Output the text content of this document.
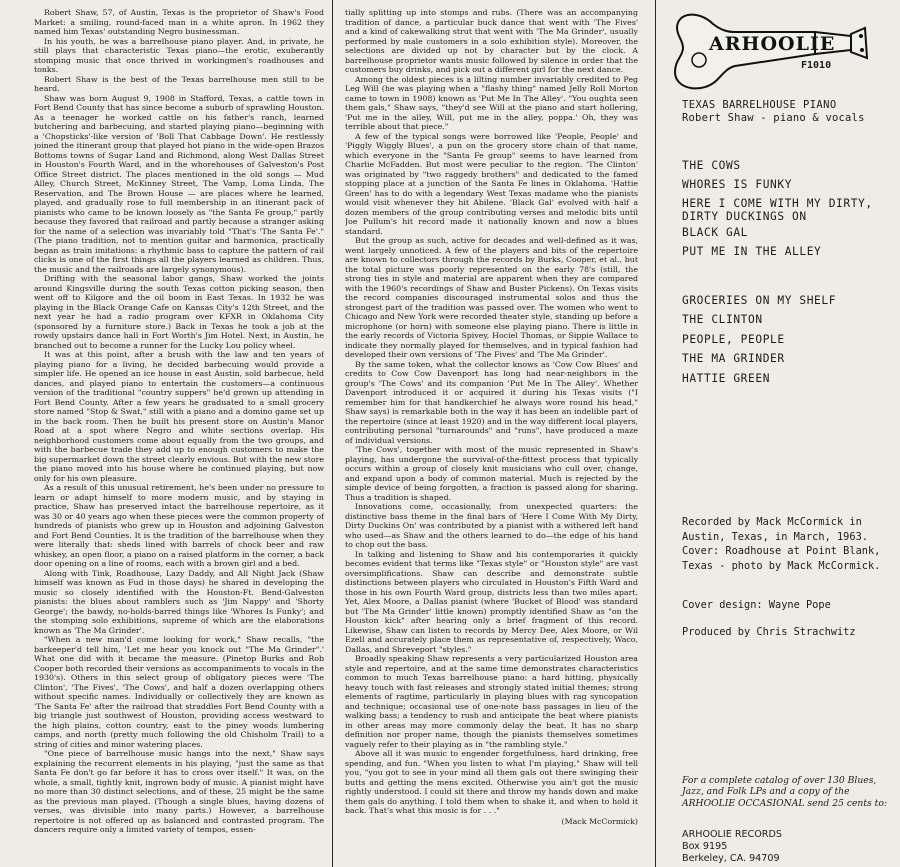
Robert Shaw, 57, of Austin, Texas is the proprietor of Shaw's Food Market: a smiling, round-faced man in a white apron. In 1962 they named him Texas' outstanding Negro businessman.

In his youth, he was a barrelhouse piano player. And, in private, he still plays that characteristic Texas piano—the erotic, exuberantly stomping music that once thrived in workingmen's roadhouses and tonks.

Robert Shaw is the best of the Texas barrelhouse men still to be heard.

Shaw was born August 9, 1908 in Stafford, Texas, a cattle town in Fort Bend County that has since become a suburb of sprawling Houston. As a teenager he worked cattle on his father's ranch, learned butchering and barbecuing, and started playing piano—beginning with a 'Chopsticks'-like version of 'Boll That Cabbage Down'. He restlessly joined the itinerant group that played hot piano in the wide-open Brazos Bottoms towns of Sugar Land and Richmond, along West Dallas Street in Houston's Fourth Ward, and in the whorehouses of Galveston's Post Office Street district. The places mentioned in the old songs — Mud Alley, Church Street, McKinney Street, The Vamp, Loma Linda, The Reservation, and The Brown House — are places where he learned, played, and gradually rose to full membership in an itinerant pack of pianists who came to be known loosely as "the Santa Fe group," partly because they favored that railroad and partly because a stranger asking for the name of a selection was invariably told "That's 'The Santa Fe'." (The piano tradition, not to mention guitar and harmonica, practically began as train imitations: a rhythmic bass to capture the pattern of rail clicks is one of the first things all the players learned as children. Thus, the music and the railroads are largely synonymous).

Drifting with the seasonal labor gangs, Shaw worked the joints around Kingsville during the south Texas cotton picking season, then went off to Kilgore and the oil boom in East Texas. In 1932 he was playing in the Black Orange Cafe on Kansas City's 12th Street, and the next year he had a radio program over KFXR in Oklahoma City (sponsored by a furniture store.) Back in Texas he took a job at the rowdy upstairs dance hall in Fort Worth's Jim Hotel. Next, in Austin, he branched out to become a runner for the Lucky Lou policy wheel.

It was at this point, after a brush with the law and ten years of playing piano for a living, he decided barbecuing would provide a simpler life. He opened an ice house in east Austin, sold barbecue, held dances, and played piano to entertain the customers—a continuous version of the traditional "country suppers" he'd grown up attending in Fort Bend County. After a few years he graduated to a small grocery store named "Stop & Swat," still with a piano and a domino game set up in the back room. Then he built his present store on Austin's Manor Road at a spot where Negro and white sections overlap. His neighborhood customers come about equally from the two groups, and with the barbecue trade they add up to enough customers to make the big supermarket down the street clearly envious. But with the new store the piano moved into his house where he continued playing, but now only for his own pleasure.

As a result of this unusual retirement, he's been under no pressure to learn or adapt himself to more modern music, and by staying in practice, Shaw has preserved intact the barrelhouse repertoire, as it was 30 or 40 years ago when these pieces were the common property of hundreds of pianists who grew up in Houston and adjoining Galveston and Fort Bend Counties. It is the tradition of the barrelhouse when they were literally that: sheds lined with barrels of chock beer and raw whiskey, an open floor, a piano on a raised platform in the corner, a back door opening on a line of rooms, each with a brown girl and a bed.

Along with Tink, Roadhouse, Lazy Daddy, and All Night Jack (Shaw himself was known as Fud in those days) he shared in developing the music so closely identified with the Houston-Ft. Bend-Galveston pianists: the blues about ramblers such as 'Jim Nappy' and 'Shorty George'; the bawdy, no-holds-barred things like 'Whores Is Funky'; and the stomping solo exhibitions, supreme of which are the elaborations known as 'The Ma Grinder'.

"When a new man'd come looking for work," Shaw recalls, "the barkeeper'd tell him, 'Let me hear you knock out "The Ma Grinder".' What one did with it became the measure. (Pinetop Burks and Rob Cooper both recorded their versions as accompaniments to vocals in the 1930's). Others in this select group of obligatory pieces were 'The Clinton', 'The Fives', 'The Cows', and half a dozen overlapping others without specific names. Individually or collectively they are known as 'The Santa Fe' after the railroad that straddles Fort Bend County with a big triangle just southwest of Houston, providing access westward to the high plains, cotton country, east to the piney woods lumbering camps, and north (pretty much following the old Chisholm Trail) to a string of cities and minor watering places.

"One piece of barrelhouse music hangs into the next," Shaw says explaining the recurrent elements in his playing, "just the same as that Santa Fe don't go far before it has to cross over itself." It was, on the whole, a small, tightly knit, ingrown body of music. A pianist might have no more than 30 distinct selections, and of these, 25 might be the same as the previous man played. (Though a single blues, having dozens of verses, was divisible into many parts.) However, a barrelhouse repertoire is not offered up as balanced and contrasted program. The dancers require only a limited variety of tempos, essen-

tially splitting up into stomps and rubs. (There was an accompanying tradition of dance, a particular buck dance that went with 'The Fives' and a kind of cakewalking strut that went with 'The Ma Grinder', usually performed by male customers in a solo exhibition style). Moreover, the selections are divided up not by character but by the clock. A barrelhouse proprietor wants music followed by silence in order that the customers buy drinks, and pick out a different girl for the next dance.

Among the oldest pieces is a lilting number invariably credited to Peg Leg Will (he was playing when a "flashy thing" named Jelly Roll Morton came to town in 1908) known as 'Put Me In The Alley'. "You oughta seen them gals," Shaw says, "they'd see Will at the piano and start hollering, 'Put me in the alley, Will, put me in the alley, poppa.' Oh, they was terrible about that piece."

A few of the typical songs were borrowed like 'People, People' and 'Piggly Wiggly Blues', a pun on the grocery store chain of that name, which everyone in the "Santa Fe group" seems to have learned from Charlie McFadden. But most were peculiar to the region. 'The Clinton' was originated by "two raggedy brothers" and dedicated to the famed stopping place at a junction of the Santa Fe lines in Oklahoma. 'Hattie Green' has to do with a legendary West Texas madame who the pianists would visit whenever they hit Abilene. 'Black Gal' evolved with half a dozen members of the group contributing verses and melodic bits until Joe Pullum's hit record made it nationally known and now a blues standard.

But the group as such, active for decades and well-defined as it was, went largely unnoticed. A few of the players and bits of the repertoire are known to collectors through the records by Burks, Cooper, et al., but the total picture was poorly represented on the early 78's (still, the strong ties in style and material are apparent when they are compared with the 1960's recordings of Shaw and Buster Pickens). On Texas visits the record companies discouraged instrumental solos and thus the strongest part of the tradition was passed over. The women who went to Chicago and New York were recorded theater style, standing up before a microphone (or horn) with someone else playing piano. There is little in the early records of Victoria Spivey, Hociel Thomas, or Sippie Wallace to indicate they normally played for themselves, and in typical fashion had developed their own versions of 'The Fives' and 'The Ma Grinder'.

By the same token, what the collector knows as 'Cow Cow Blues' and credits to Cow Cow Davenport has long had near-neighbors in the group's 'The Cows' and its companion 'Put Me In The Alley'. Whether Davenport introduced it or acquired it during his Texas visits ("I remember him for that handkerchief he always wore round his head," Shaw says) is remarkable both in the way it has been an indelible part of the repertoire (since at least 1920) and in the way different local players, contributing personal "turnarounds" and "runs", have produced a maze of individual versions.

'The Cows', together with most of the music represented in Shaw's playing, has undergone the survival-of-the-fittest process that typically occurs within a group of closely knit musicians who cull over, change, and expand upon a body of common material. Much is rejected by the simple device of being forgotten, a fraction is passed along for sharing. Thus a tradition is shaped.

Innovations come, occasionally, from unexpected quarters: the distinctive bass theme in the final bars of 'Here I Come With My Dirty, Dirty Duckins On' was contributed by a pianist with a withered left hand who used—as Shaw and the others learned to do—the edge of his hand to chop out the bass.

In talking and listening to Shaw and his contemporaries it quickly becomes evident that terms like "Texas style" or "Houston style" are vast oversimplifications. Shaw can describe and demonstrate subtle distinctions between players who circulated in Houston's Fifth Ward and those in his own Fourth Ward group, districts less than two miles apart. Yet, Alex Moore, a Dallas pianist (where 'Bucket of Blood' was standard but 'The Ma Grinder' little known) promptly identified Shaw as "on the Houston kick" after hearing only a brief fragment of this record. Likewise, Shaw can listen to records by Mercy Dee, Alex Moore, or Wil Ezell and accurately place them as representative of, respectively, Waco, Dallas, and Shreveport "styles."

Broadly speaking Shaw represents a very particularized Houston area style and repertoire, and at the same time demonstrates characteristics common to much Texas barrelhouse piano: a hard hitting, physically heavy touch with fast releases and strongly stated initial themes; strong elements of ragtime, particularly in playing blues with rag syncopation and technique; occasional use of one-note bass passages in lieu of the walking bass; a tendency to rush and anticipate the beat where pianists in other areas may more commonly delay the beat. It has no sharp definition nor proper name, though the pianists themselves sometimes vaguely refer to their playing as in "the rambling style."

Above all it was music to engender forgetfulness, hard drinking, free spending, and fun. "When you listen to what I'm playing," Shaw will tell you, "you got to see in your mind all them gals out there swinging their butts and getting the mens excited. Otherwise you ain't got the music rightly understood. I could sit there and throw my hands down and make them gals do anything. I told them when to shake it, and when to hold it back. That's what this music is for . . ."

(Mack McCormick)

ARHOOLIE
F1010
TEXAS BARRELHOUSE PIANO
Robert Shaw - piano & vocals
THE COWS
WHORES IS FUNKY
HERE I COME WITH MY DIRTY, DIRTY DUCKINGS ON
BLACK GAL
PUT ME IN THE ALLEY
GROCERIES ON MY SHELF
THE CLINTON
PEOPLE, PEOPLE
THE MA GRINDER
HATTIE GREEN
Recorded by Mack McCormick in Austin, Texas, in March, 1963.
Cover: Roadhouse at Point Blank, Texas - photo by Mack McCormick.
Cover design: Wayne Pope
Produced by Chris Strachwitz
For a complete catalog of over 130 Blues, Jazz, and Folk LPs and a copy of the ARHOOLIE OCCASIONAL send 25 cents to:
ARHOOLIE RECORDS
Box 9195
Berkeley, CA. 94709
